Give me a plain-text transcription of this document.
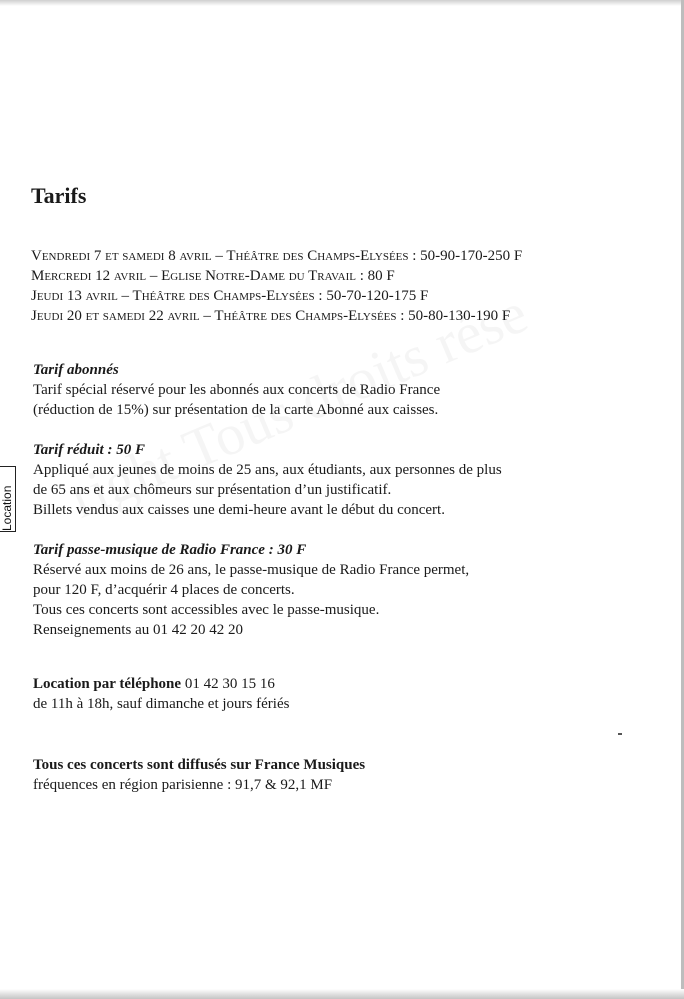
Location
Tarifs
Vendredi 7 et samedi 8 avril – Théâtre des Champs-Elysées : 50-90-170-250 F
Mercredi 12 avril – Eglise Notre-Dame du Travail : 80 F
Jeudi 13 avril – Théâtre des Champs-Elysées : 50-70-120-175 F
Jeudi 20 et samedi 22 avril – Théâtre des Champs-Elysées : 50-80-130-190 F
Tarif abonnés
Tarif spécial réservé pour les abonnés aux concerts de Radio France
(réduction de 15%) sur présentation de la carte Abonné aux caisses.
Tarif réduit : 50 F
Appliqué aux jeunes de moins de 25 ans, aux étudiants, aux personnes de plus
de 65 ans et aux chômeurs sur présentation d’un justificatif.
Billets vendus aux caisses une demi-heure avant le début du concert.
Tarif passe-musique de Radio France : 30 F
Réservé aux moins de 26 ans, le passe-musique de Radio France permet,
pour 120 F, d’acquérir 4 places de concerts.
Tous ces concerts sont accessibles avec le passe-musique.
Renseignements au 01 42 20 42 20
Location par téléphone 01 42 30 15 16
de 11h à 18h, sauf dimanche et jours fériés
Tous ces concerts sont diffusés sur France Musiques
fréquences en région parisienne : 91,7 & 92,1 MF
